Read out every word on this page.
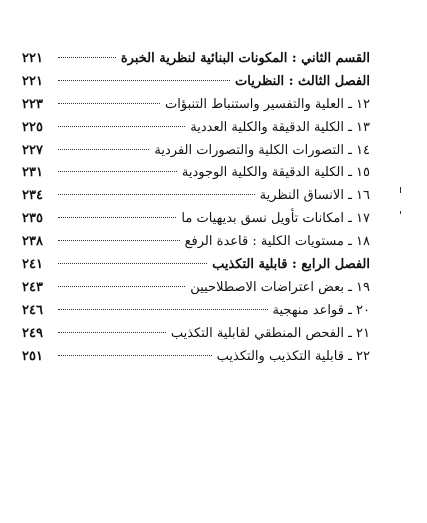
القسم الثاني : المكونات البنائية لنظرية الخبرة
٢٢١
الفصل الثالث : النظريات
٢٢١
١٢ ـ العلية والتفسير واستنباط التنبؤات
٢٢٣
١٣ ـ الكلية الدقيقة والكلية العددية
٢٢٥
١٤ ـ التصورات الكلية والتصورات الفردية
٢٢٧
١٥ ـ الكلية الدقيقة والكلية الوجودية
٢٣١
١٦ ـ الانساق النظرية
٢٣٤
١٧ ـ امكانات تأويل نسق بديهيات ما
٢٣٥
١٨ ـ مستويات الكلية : قاعدة الرفع
٢٣٨
الفصل الرابع : قابلية التكذيب
٢٤١
١٩ ـ بعض اعتراضات الاصطلاحيين
٢٤٣
٢٠ ـ قواعد منهجية
٢٤٦
٢١ ـ الفحص المنطقي لقابلية التكذيب
٢٤٩
٢٢ ـ قابلية التكذيب والتكذيب
٢٥١
